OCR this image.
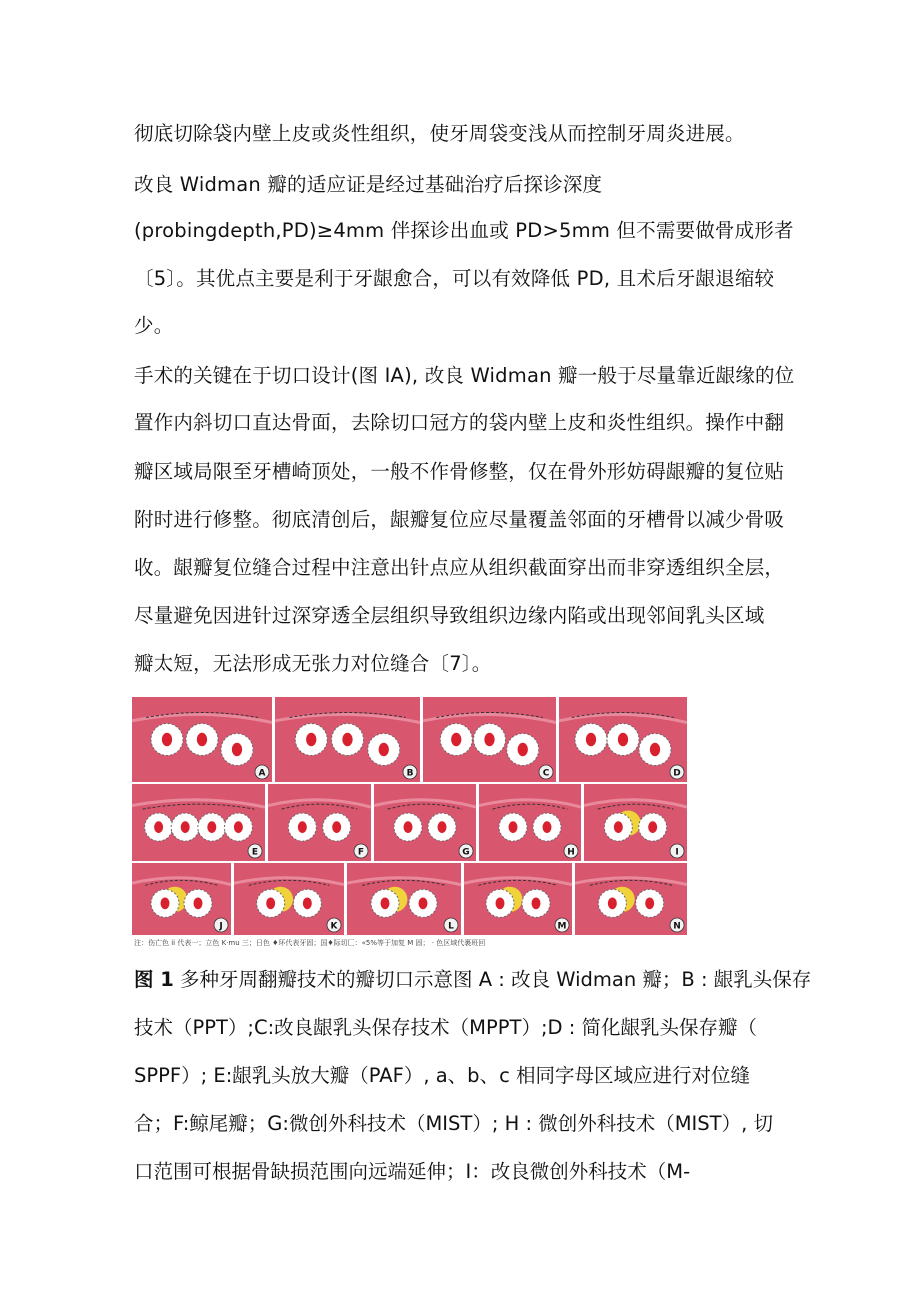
彻底切除袋内壁上皮或炎性组织，使牙周袋变浅从而控制牙周炎进展。
改良 Widman 瓣的适应证是经过基础治疗后探诊深度
(probingdepth,PD)≥4mm 伴探诊出血或 PD>5mm 但不需要做骨成形者
〔5〕。其优点主要是利于牙龈愈合，可以有效降低 PD, 且术后牙龈退缩较
少。
手术的关键在于切口设计(图 IA), 改良 Widman 瓣一般于尽量靠近龈缘的位
置作内斜切口直达骨面，去除切口冠方的袋内壁上皮和炎性组织。操作中翻
瓣区域局限至牙槽崎顶处，一般不作骨修整，仅在骨外形妨碍龈瓣的复位贴
附时进行修整。彻底清创后，龈瓣复位应尽量覆盖邻面的牙槽骨以减少骨吸
收。龈瓣复位缝合过程中注意出针点应从组织截面穿出而非穿透组织全层，
尽量避免因进针过深穿透全层组织导致组织边缘内陷或出现邻间乳头区域
瓣太短，无法形成无张力对位缝合〔7〕。
A	B	C	D
E	F	G	H	I
J	K	L	M	N
注：伤亡色 ii 代表一；立色 K·mu 三；日色 ♦环代表牙固；国♦际切匚：«5%等于加复 M 固； · 色区域代裹班回
图 1 多种牙周翻瓣技术的瓣切口示意图 A : 改良 Widman 瓣；B : 龈乳头保存
技术（PPT）;C:改良龈乳头保存技术（MPPT）;D : 简化龈乳头保存瓣（
SPPF）; E:龈乳头放大瓣（PAF）, a、b、c 相同字母区域应进行对位缝
合；F:鲸尾瓣；G:微创外科技术（MIST）; H : 微创外科技术（MIST）, 切
口范围可根据骨缺损范围向远端延伸；I：改良微创外科技术（M-
